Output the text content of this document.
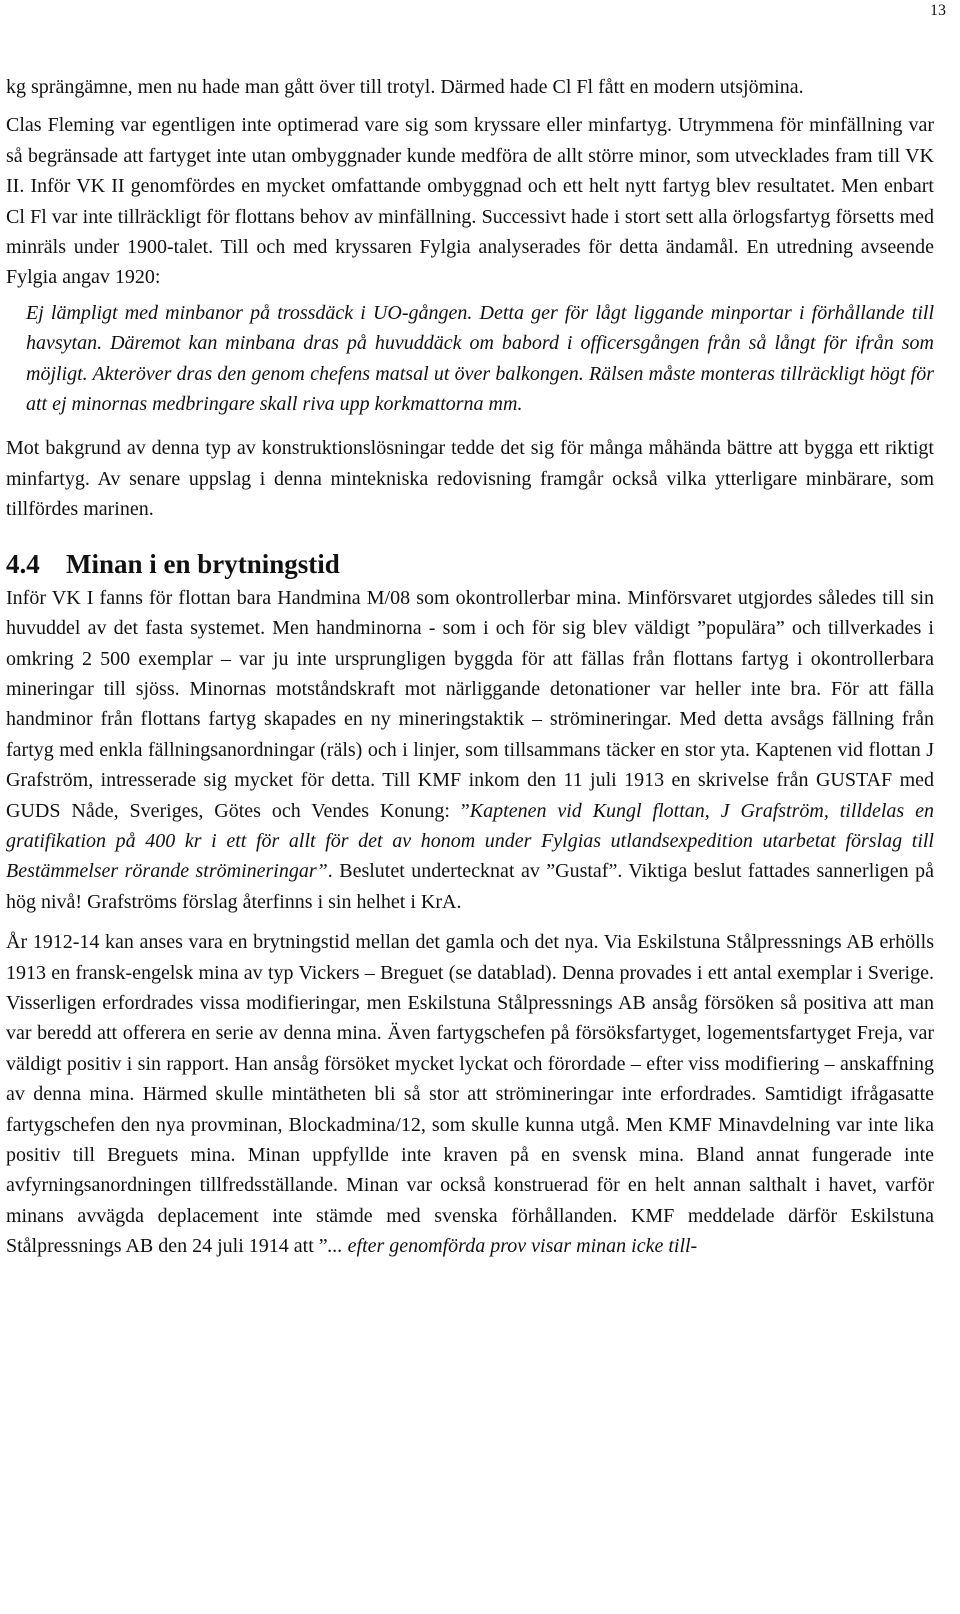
13

kg sprängämne, men nu hade man gått över till trotyl. Därmed hade Cl Fl fått en modern utsjömina.

Clas Fleming var egentligen inte optimerad vare sig som kryssare eller minfartyg. Utrymmena för minfällning var så begränsade att fartyget inte utan ombyggnader kunde medföra de allt större minor, som utvecklades fram till VK II. Inför VK II genomfördes en mycket omfattande ombyggnad och ett helt nytt fartyg blev resultatet. Men enbart Cl Fl var inte tillräckligt för flottans behov av minfällning. Successivt hade i stort sett alla örlogsfartyg försetts med minräls under 1900-talet. Till och med kryssaren Fylgia analyserades för detta ändamål. En utredning avseende Fylgia angav 1920:

Ej lämpligt med minbanor på trossdäck i UO-gången. Detta ger för lågt liggande minportar i förhållande till havsytan. Däremot kan minbana dras på huvuddäck om babord i officersgången från så långt för ifrån som möjligt. Akteröver dras den genom chefens matsal ut över balkongen. Rälsen måste monteras tillräckligt högt för att ej minornas medbringare skall riva upp korkmattorna mm.

Mot bakgrund av denna typ av konstruktionslösningar tedde det sig för många måhända bättre att bygga ett riktigt minfartyg. Av senare uppslag i denna mintekniska redovisning framgår också vilka ytterligare minbärare, som tillfördes marinen.

4.4 Minan i en brytningstid

Inför VK I fanns för flottan bara Handmina M/08 som okontrollerbar mina. Minförsvaret utgjordes således till sin huvuddel av det fasta systemet. Men handminorna - som i och för sig blev väldigt ”populära” och tillverkades i omkring 2 500 exemplar – var ju inte ursprungligen byggda för att fällas från flottans fartyg i okontrollerbara mineringar till sjöss. Minornas motståndskraft mot närliggande detonationer var heller inte bra. För att fälla handminor från flottans fartyg skapades en ny mineringstaktik – strömineringar. Med detta avsågs fällning från fartyg med enkla fällningsanordningar (räls) och i linjer, som tillsammans täcker en stor yta. Kaptenen vid flottan J Grafström, intresserade sig mycket för detta. Till KMF inkom den 11 juli 1913 en skrivelse från GUSTAF med GUDS Nåde, Sveriges, Götes och Vendes Konung: ”Kaptenen vid Kungl flottan, J Grafström, tilldelas en gratifikation på 400 kr i ett för allt för det av honom under Fylgias utlandsexpedition utarbetat förslag till Bestämmelser rörande strömineringar”. Beslutet undertecknat av ”Gustaf”. Viktiga beslut fattades sannerligen på hög nivå! Grafströms förslag återfinns i sin helhet i KrA.

År 1912-14 kan anses vara en brytningstid mellan det gamla och det nya. Via Eskilstuna Stålpressnings AB erhölls 1913 en fransk-engelsk mina av typ Vickers – Breguet (se datablad). Denna provades i ett antal exemplar i Sverige. Visserligen erfordrades vissa modifieringar, men Eskilstuna Stålpressnings AB ansåg försöken så positiva att man var beredd att offerera en serie av denna mina. Även fartygschefen på försöksfartyget, logementsfartyget Freja, var väldigt positiv i sin rapport. Han ansåg försöket mycket lyckat och förordade – efter viss modifiering – anskaffning av denna mina. Härmed skulle mintätheten bli så stor att strömineringar inte erfordrades. Samtidigt ifrågasatte fartygschefen den nya provminan, Blockadmina/12, som skulle kunna utgå. Men KMF Minavdelning var inte lika positiv till Breguets mina. Minan uppfyllde inte kraven på en svensk mina. Bland annat fungerade inte avfyrningsanordningen tillfredsställande. Minan var också konstruerad för en helt annan salthalt i havet, varför minans avvägda deplacement inte stämde med svenska förhållanden. KMF meddelade därför Eskilstuna Stålpressnings AB den 24 juli 1914 att ”... efter genomförda prov visar minan icke till-
